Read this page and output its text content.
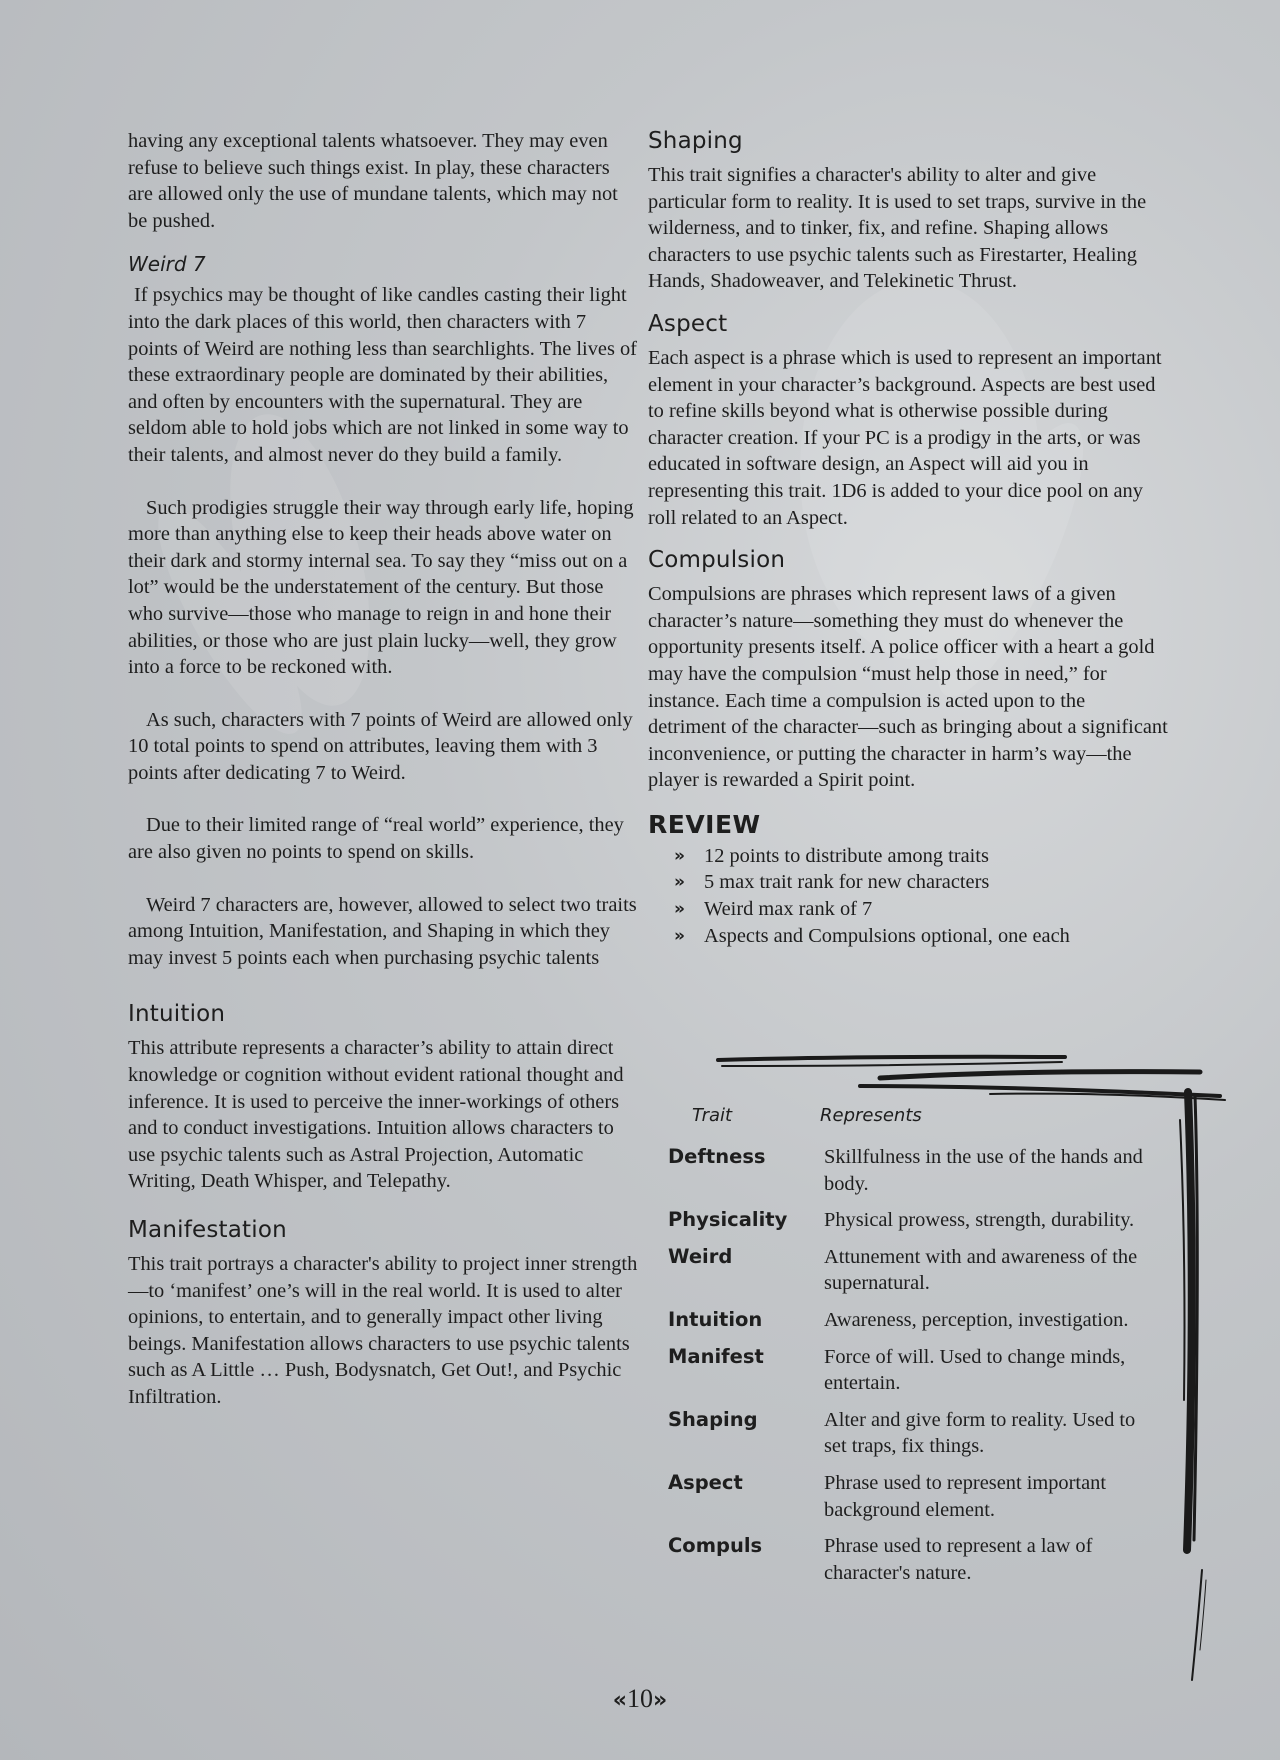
having any exceptional talents whatsoever. They may even refuse to believe such things exist. In play, these characters are allowed only the use of mundane talents, which may not be pushed.

Weird 7

If psychics may be thought of like candles casting their light into the dark places of this world, then characters with 7 points of Weird are nothing less than searchlights. The lives of these extraordinary people are dominated by their abilities, and often by encounters with the supernatural. They are seldom able to hold jobs which are not linked in some way to their talents, and almost never do they build a family.

Such prodigies struggle their way through early life, hoping more than anything else to keep their heads above water on their dark and stormy internal sea. To say they “miss out on a lot” would be the understatement of the century. But those who survive—those who manage to reign in and hone their abilities, or those who are just plain lucky—well, they grow into a force to be reckoned with.

As such, characters with 7 points of Weird are allowed only 10 total points to spend on attributes, leaving them with 3 points after dedicating 7 to Weird.

Due to their limited range of “real world” experience, they are also given no points to spend on skills.

Weird 7 characters are, however, allowed to select two traits among Intuition, Manifestation, and Shaping in which they may invest 5 points each when purchasing psychic talents

Intuition

This attribute represents a character’s ability to attain direct knowledge or cognition without evident rational thought and inference. It is used to perceive the inner-workings of others and to conduct investigations. Intuition allows characters to use psychic talents such as Astral Projection, Automatic Writing, Death Whisper, and Telepathy.

Manifestation

This trait portrays a character's ability to project inner strength—to ‘manifest’ one’s will in the real world. It is used to alter opinions, to entertain, and to generally impact other living beings. Manifestation allows characters to use psychic talents such as A Little … Push, Bodysnatch, Get Out!, and Psychic Infiltration.

Shaping

This trait signifies a character's ability to alter and give particular form to reality. It is used to set traps, survive in the wilderness, and to tinker, fix, and refine. Shaping allows characters to use psychic talents such as Firestarter, Healing Hands, Shadoweaver, and Telekinetic Thrust.

Aspect

Each aspect is a phrase which is used to represent an important element in your character’s background. Aspects are best used to refine skills beyond what is otherwise possible during character creation. If your PC is a prodigy in the arts, or was educated in software design, an Aspect will aid you in representing this trait. 1D6 is added to your dice pool on any roll related to an Aspect.

Compulsion

Compulsions are phrases which represent laws of a given character’s nature—something they must do whenever the opportunity presents itself. A police officer with a heart a gold may have the compulsion “must help those in need,” for instance. Each time a compulsion is acted upon to the detriment of the character—such as bringing about a significant inconvenience, or putting the character in harm’s way—the player is rewarded a Spirit point.

REVIEW
» 12 points to distribute among traits
» 5 max trait rank for new characters
» Weird max rank of 7
» Aspects and Compulsions optional, one each
Trait	Represents
Deftness	Skillfulness in the use of the hands and body.
Physicality	Physical prowess, strength, durability.
Weird	Attunement with and awareness of the supernatural.
Intuition	Awareness, perception, investigation.
Manifest	Force of will. Used to change minds, entertain.
Shaping	Alter and give form to reality. Used to set traps, fix things.
Aspect	Phrase used to represent important background element.
Compuls	Phrase used to represent a law of character's nature.
«10»
